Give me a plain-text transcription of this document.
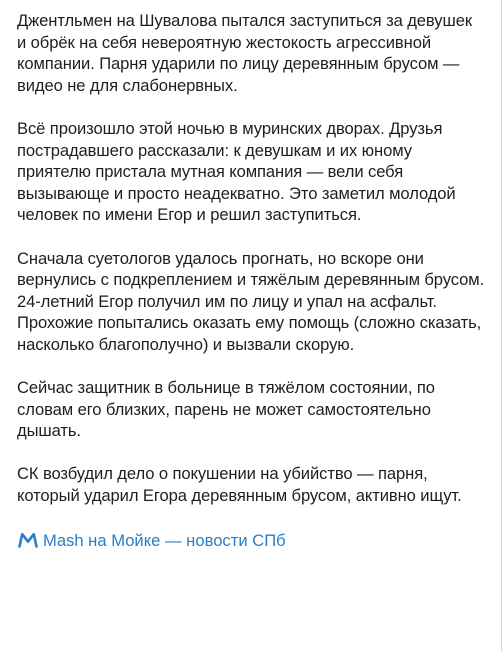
Джентльмен на Шувалова пытался заступиться за девушек и обрёк на себя невероятную жестокость агрессивной компании. Парня ударили по лицу деревянным брусом — видео не для слабонервных.

Всё произошло этой ночью в муринских дворах. Друзья пострадавшего рассказали: к девушкам и их юному приятелю пристала мутная компания — вели себя вызывающе и просто неадекватно. Это заметил молодой человек по имени Егор и решил заступиться.

Сначала суетологов удалось прогнать, но вскоре они вернулись с подкреплением и тяжёлым деревянным брусом. 24-летний Егор получил им по лицу и упал на асфальт. Прохожие попытались оказать ему помощь (сложно сказать, насколько благополучно) и вызвали скорую.

Сейчас защитник в больнице в тяжёлом состоянии, по словам его близких, парень не может самостоятельно дышать.

СК возбудил дело о покушении на убийство — парня, который ударил Егора деревянным брусом, активно ищут.

Mash на Мойке — новости СПб
